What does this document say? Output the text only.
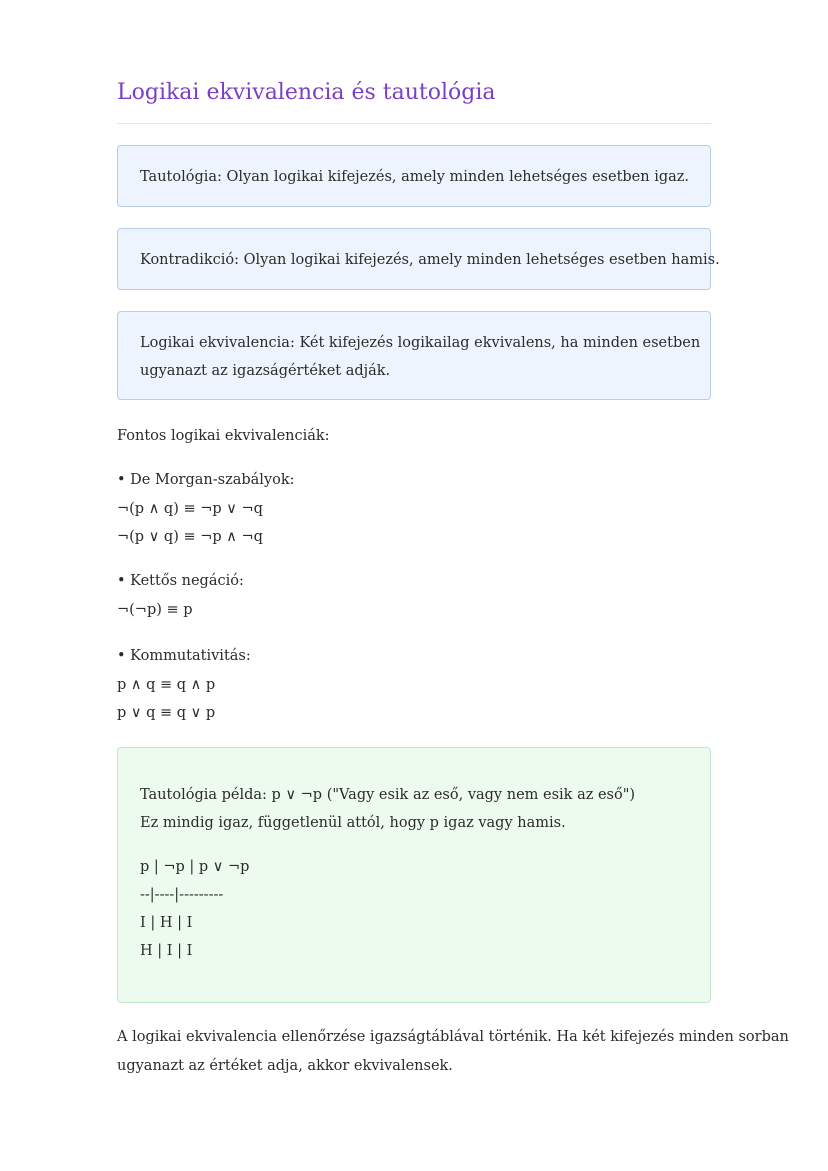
Logikai ekvivalencia és tautológia
Tautológia: Olyan logikai kifejezés, amely minden lehetséges esetben igaz.
Kontradikció: Olyan logikai kifejezés, amely minden lehetséges esetben hamis.
Logikai ekvivalencia: Két kifejezés logikailag ekvivalens, ha minden esetben
ugyanazt az igazságértéket adják.
Fontos logikai ekvivalenciák:
• De Morgan-szabályok:
¬(p ∧ q) ≡ ¬p ∨ ¬q
¬(p ∨ q) ≡ ¬p ∧ ¬q
• Kettős negáció:
¬(¬p) ≡ p
• Kommutativitás:
p ∧ q ≡ q ∧ p
p ∨ q ≡ q ∨ p
Tautológia példa: p ∨ ¬p ("Vagy esik az eső, vagy nem esik az eső")
Ez mindig igaz, függetlenül attól, hogy p igaz vagy hamis.
p | ¬p | p ∨ ¬p
--|----|---------
I | H | I
H | I | I
A logikai ekvivalencia ellenőrzése igazságtáblával történik. Ha két kifejezés minden sorban
ugyanazt az értéket adja, akkor ekvivalensek.
